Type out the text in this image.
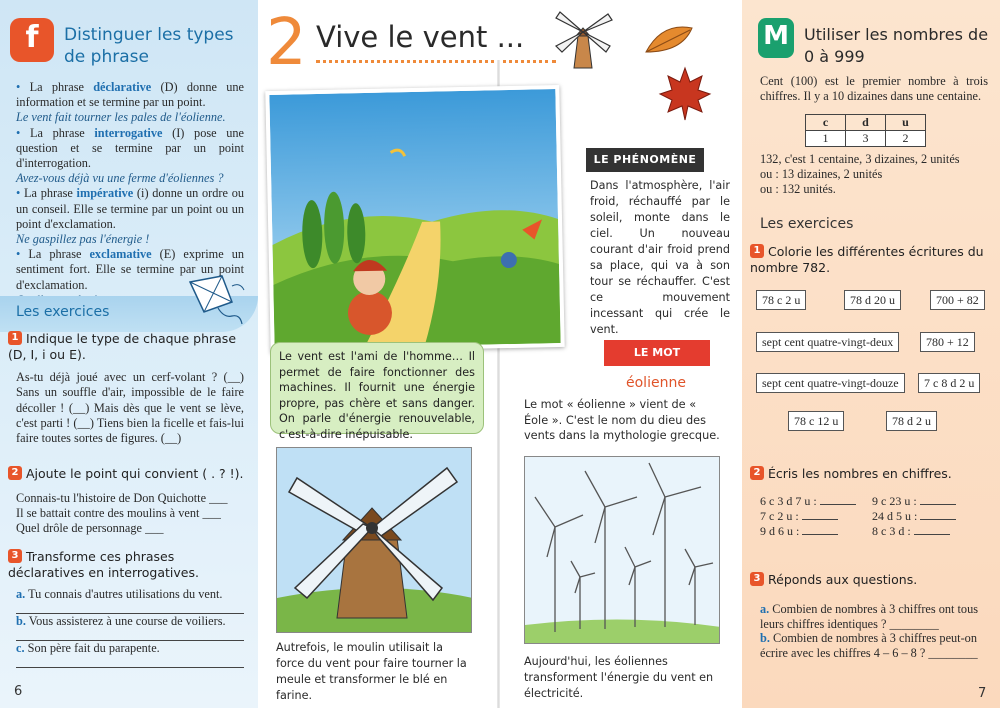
f	Distinguer les types de phrase

• La phrase déclarative (D) donne une information et se termine par un point.

Le vent fait tourner les pales de l'éolienne.

• La phrase interrogative (I) pose une question et se termine par un point d'interrogation.

Avez-vous déjà vu une ferme d'éoliennes ?

• La phrase impérative (i) donne un ordre ou un conseil. Elle se termine par un point ou un point d'exclamation.

Ne gaspillez pas l'énergie !

• La phrase exclamative (E) exprime un sentiment fort. Elle se termine par un point d'exclamation.

Les exercices
1 Indique le type de chaque phrase (D, I, i ou E).
As-tu déjà joué avec un cerf-volant ? (__) Sans un souffle d'air, impossible de le faire décoller ! (__) Mais dès que le vent se lève, c'est parti ! (__) Tiens bien la ficelle et fais-lui faire toutes sortes de figures. (__)
2 Ajoute le point qui convient ( . ? !).
Connais-tu l'histoire de Don Quichotte ___
Il se battait contre des moulins à vent ___
Quel drôle de personnage ___
3 Transforme ces phrases déclaratives en interrogatives.
a. Tu connais d'autres utilisations du vent.
b. Vous assisterez à une course de voiliers.
c. Son père fait du parapente.
6
2 Vive le vent ...
Le vent est l'ami de l'homme… Il permet de faire fonctionner des machines. Il fournit une énergie propre, pas chère et sans danger. On parle d'énergie renouvelable, c'est-à-dire inépuisable.
LE PHÉNOMÈNE
Dans l'atmosphère, l'air froid, réchauffé par le soleil, monte dans le ciel. Un nouveau courant d'air froid prend sa place, qui va à son tour se réchauffer. C'est ce mouvement incessant qui crée le vent.
LE MOT
éolienne
Le mot « éolienne » vient de « Éole ». C'est le nom du dieu des vents dans la mythologie grecque.
Autrefois, le moulin utilisait la force du vent pour faire tourner la meule et transformer le blé en farine.
Aujourd'hui, les éoliennes transforment l'énergie du vent en électricité.
M Utiliser les nombres de 0 à 999
Cent (100) est le premier nombre à trois chiffres. Il y a 10 dizaines dans une centaine.
c	d	u
1	3	2
132, c'est 1 centaine, 3 dizaines, 2 unités
ou : 13 dizaines, 2 unités
ou : 132 unités.
Les exercices
1 Colorie les différentes écritures du nombre 782.
78 c 2 u	78 d 20 u	700 + 82
sept cent quatre-vingt-deux	780 + 12
sept cent quatre-vingt-douze	7 c 8 d 2 u
78 c 12 u	78 d 2 u
2 Écris les nombres en chiffres.
6 c 3 d 7 u :	9 c 23 u :
7 c 2 u :	24 d 5 u :
9 d 6 u :	8 c 3 d :
3 Réponds aux questions.
a. Combien de nombres à 3 chiffres ont tous leurs chiffres identiques ? ________
b. Combien de nombres à 3 chiffres peut-on écrire avec les chiffres 4 – 6 – 8 ? ________
7
